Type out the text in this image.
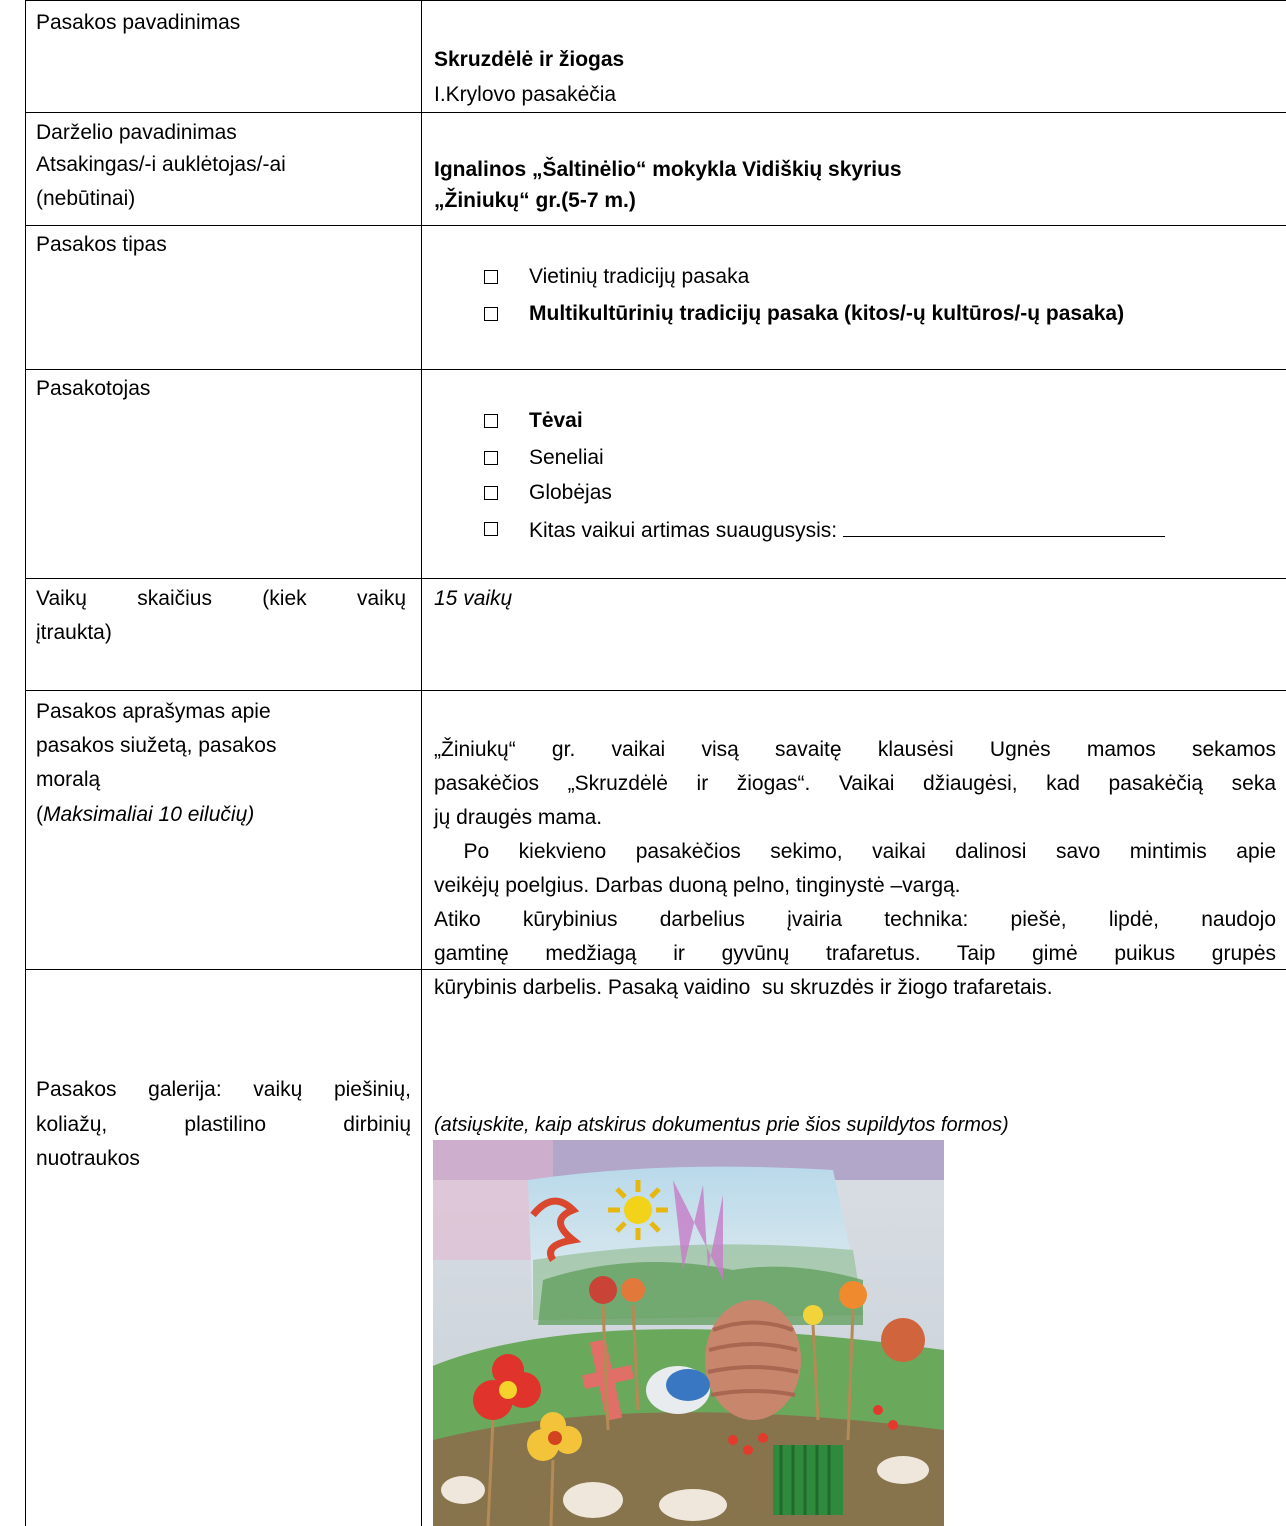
Pasakos pavadinimas

Skruzdėlė ir žiogas

I.Krylovo pasakėčia

Darželio pavadinimas

Atsakingas/-i auklėtojas/-ai

(nebūtinai)

Ignalinos „Šaltinėlio“ mokykla Vidiškių skyrius

„Žiniukų“ gr.(5-7 m.)

Pasakos tipas

Vietinių tradicijų pasaka

Multikultūrinių tradicijų pasaka (kitos/-ų kultūros/-ų pasaka)

Pasakotojas

Tėvai

Seneliai

Globėjas

Kitas vaikui artimas suaugusysis:

Vaikų skaičius (kiek vaikų

įtraukta)

15 vaikų

Pasakos aprašymas apie

pasakos siužetą, pasakos

moralą

(Maksimaliai 10 eilučių)

„Žiniukų“ gr. vaikai visą savaitę klausėsi Ugnės mamos sekamos

pasakėčios „Skruzdėlė ir žiogas“. Vaikai džiaugėsi, kad pasakėčią seka

jų draugės mama.

Po kiekvieno pasakėčios sekimo, vaikai dalinosi savo mintimis apie

veikėjų poelgius. Darbas duoną pelno, tinginystė –vargą.

Atiko kūrybinius darbelius įvairia technika: piešė, lipdė, naudojo

gamtinę medžiagą ir gyvūnų trafaretus. Taip gimė puikus grupės

kūrybinis darbelis. Pasaką vaidino  su skruzdės ir žiogo trafaretais.

Pasakos galerija: vaikų piešinių,

koliažų, plastilino dirbinių

nuotraukos

(atsiųskite, kaip atskirus dokumentus prie šios supildytos formos)
